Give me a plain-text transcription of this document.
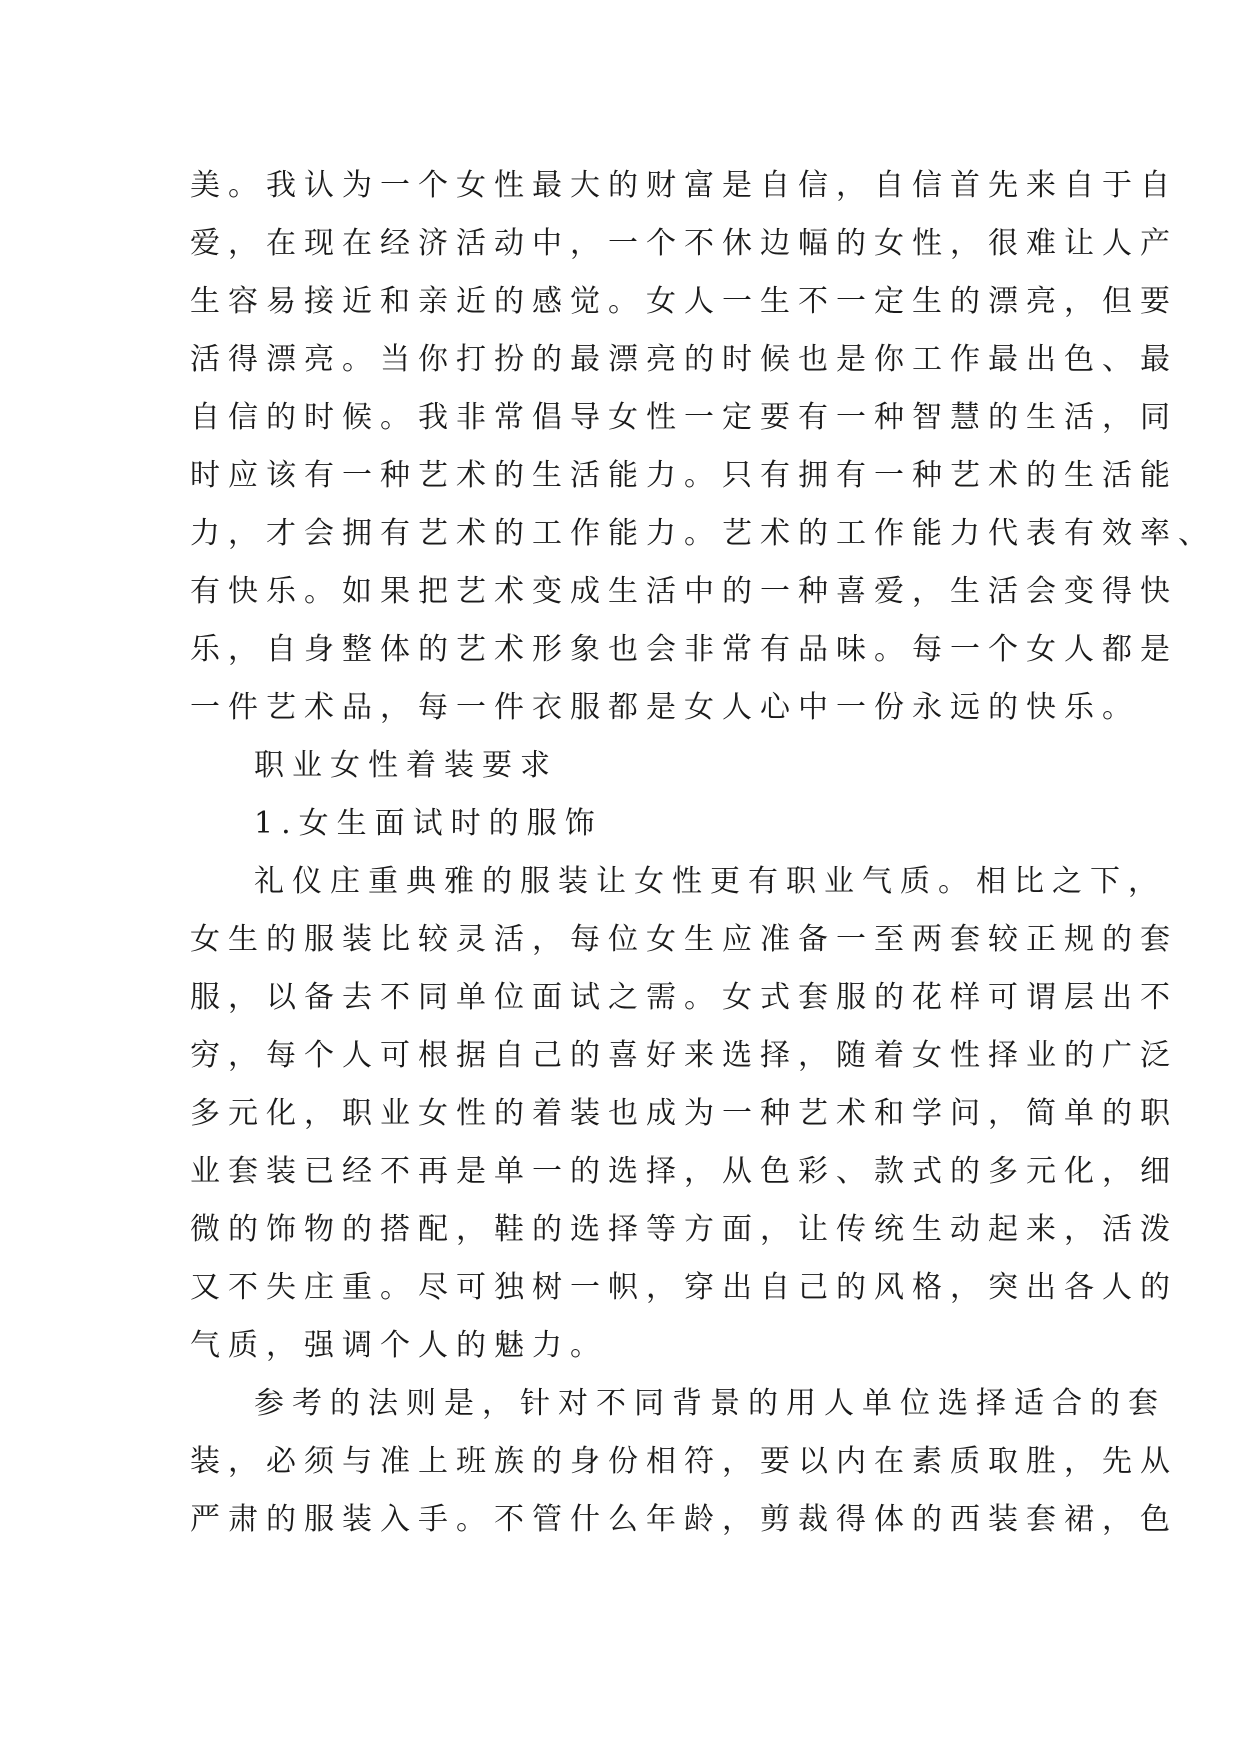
美。我认为一个女性最大的财富是自信，自信首先来自于自
爱，在现在经济活动中，一个不休边幅的女性，很难让人产
生容易接近和亲近的感觉。女人一生不一定生的漂亮，但要
活得漂亮。当你打扮的最漂亮的时候也是你工作最出色、最
自信的时候。我非常倡导女性一定要有一种智慧的生活，同
时应该有一种艺术的生活能力。只有拥有一种艺术的生活能
力，才会拥有艺术的工作能力。艺术的工作能力代表有效率、
有快乐。如果把艺术变成生活中的一种喜爱，生活会变得快
乐，自身整体的艺术形象也会非常有品味。每一个女人都是
一件艺术品，每一件衣服都是女人心中一份永远的快乐。
职业女性着装要求
1.女生面试时的服饰
礼仪庄重典雅的服装让女性更有职业气质。相比之下，
女生的服装比较灵活，每位女生应准备一至两套较正规的套
服，以备去不同单位面试之需。女式套服的花样可谓层出不
穷，每个人可根据自己的喜好来选择，随着女性择业的广泛
多元化，职业女性的着装也成为一种艺术和学问，简单的职
业套装已经不再是单一的选择，从色彩、款式的多元化，细
微的饰物的搭配，鞋的选择等方面，让传统生动起来，活泼
又不失庄重。尽可独树一帜，穿出自己的风格，突出各人的
气质，强调个人的魅力。
参考的法则是，针对不同背景的用人单位选择适合的套
装，必须与准上班族的身份相符，要以内在素质取胜，先从
严肃的服装入手。不管什么年龄，剪裁得体的西装套裙，色
